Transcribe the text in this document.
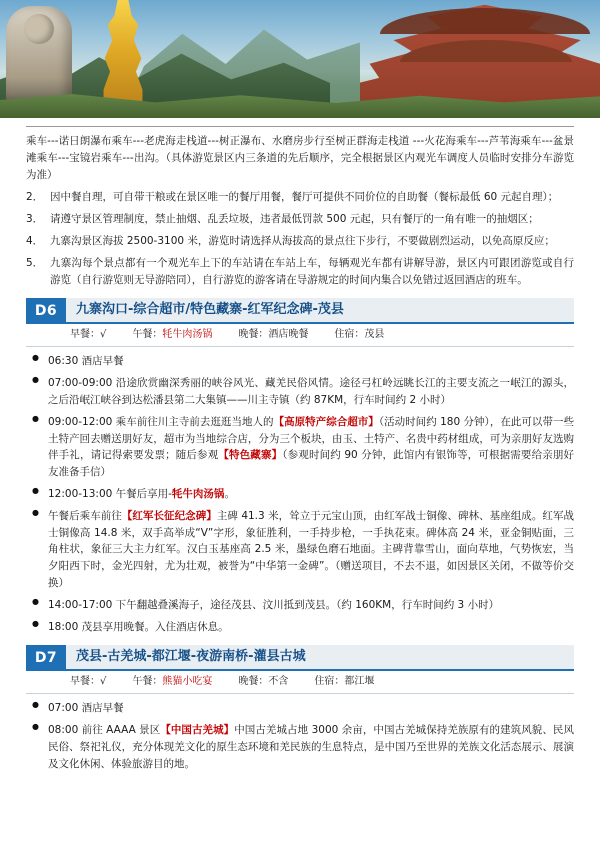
乘车---诺日朗瀑布乘车---老虎海走栈道---树正瀑布、水磨房步行至树正群海走栈道 ---火花海乘车---芦苇海乘车---盆景滩乘车---宝镜岩乘车---出沟。（具体游览景区内三条道的先后顺序，完全根据景区内观光车调度人员临时安排分车游览为准）

2． 因中餐自理，可自带干粮或在景区唯一的餐厅用餐，餐厅可提供不同价位的自助餐（餐标最低 60 元起自理）；
3． 请遵守景区管理制度，禁止抽烟、乱丢垃圾，违者最低罚款 500 元起，只有餐厅的一角有唯一的抽烟区；
4． 九寨沟景区海拔 2500-3100 米，游览时请选择从海拔高的景点往下步行，不要做剧烈运动，以免高原反应；
5． 九寨沟每个景点都有一个观光车上下的车站请在车站上车，每辆观光车都有讲解导游，景区内可跟团游览或自行游览（自行游览则无导游陪同），自行游览的游客请在导游规定的时间内集合以免错过返回酒店的班车。
D6	九寨沟口-综合超市/特色藏寨-红军纪念碑-茂县
早餐：√	午餐：牦牛肉汤锅	晚餐：酒店晚餐	住宿：茂县
● 06:30 酒店早餐
● 07:00-09:00 沿途欣赏幽深秀丽的峡谷风光、藏羌民俗风情。途径弓杠岭远眺长江的主要支流之一岷江的源头，之后沿岷江峡谷到达松潘县第二大集镇——川主寺镇（约 87KM，行车时间约 2 小时）
● 09:00-12:00 乘车前往川主寺前去逛逛当地人的【高原特产综合超市】（活动时间约 180 分钟），在此可以带一些土特产回去赠送朋好友，超市为当地综合店，分为三个板块，由玉、土特产、名贵中药材组成，可为亲朋好友选购伴手礼，请记得索要发票；随后参观【特色藏寨】（参观时间约 90 分钟，此馆内有银饰等，可根据需要给亲朋好友准备手信）
● 12:00-13:00 午餐后享用-牦牛肉汤锅。
● 午餐后乘车前往【红军长征纪念碑】主碑 41.3 米，耸立于元宝山顶，由红军战士铜像、碑林、基座组成。红军战士铜像高 14.8 米，双手高举成“V”字形，象征胜利，一手持步枪，一手执花束。碑体高 24 米，亚金铜贴面，三角柱状，象征三大主力红军。汉白玉基座高 2.5 米，墨绿色磨石地面。主碑背靠雪山，面向草地，气势恢宏，当夕阳西下时，金光四射，尤为壮观，被誉为“中华第一金碑”。（赠送项目，不去不退，如因景区关闭，不做等价交换）
● 14:00-17:00 下午翻越叠溪海子，途径茂县、汶川抵到茂县。（约 160KM，行车时间约 3 小时）
● 18:00 茂县享用晚餐。入住酒店休息。
D7	茂县-古羌城-都江堰-夜游南桥-灌县古城
早餐：√	午餐：熊猫小吃宴	晚餐：不含	住宿：都江堰
● 07:00 酒店早餐
● 08:00 前往 AAAA 景区【中国古羌城】中国古羌城占地 3000 余亩，中国古羌城保持羌族原有的建筑风貌、民风民俗、祭祀礼仪，充分体现羌文化的原生态环境和羌民族的生息特点，是中国乃至世界的羌族文化活态展示、展演及文化休闲、体验旅游目的地。
